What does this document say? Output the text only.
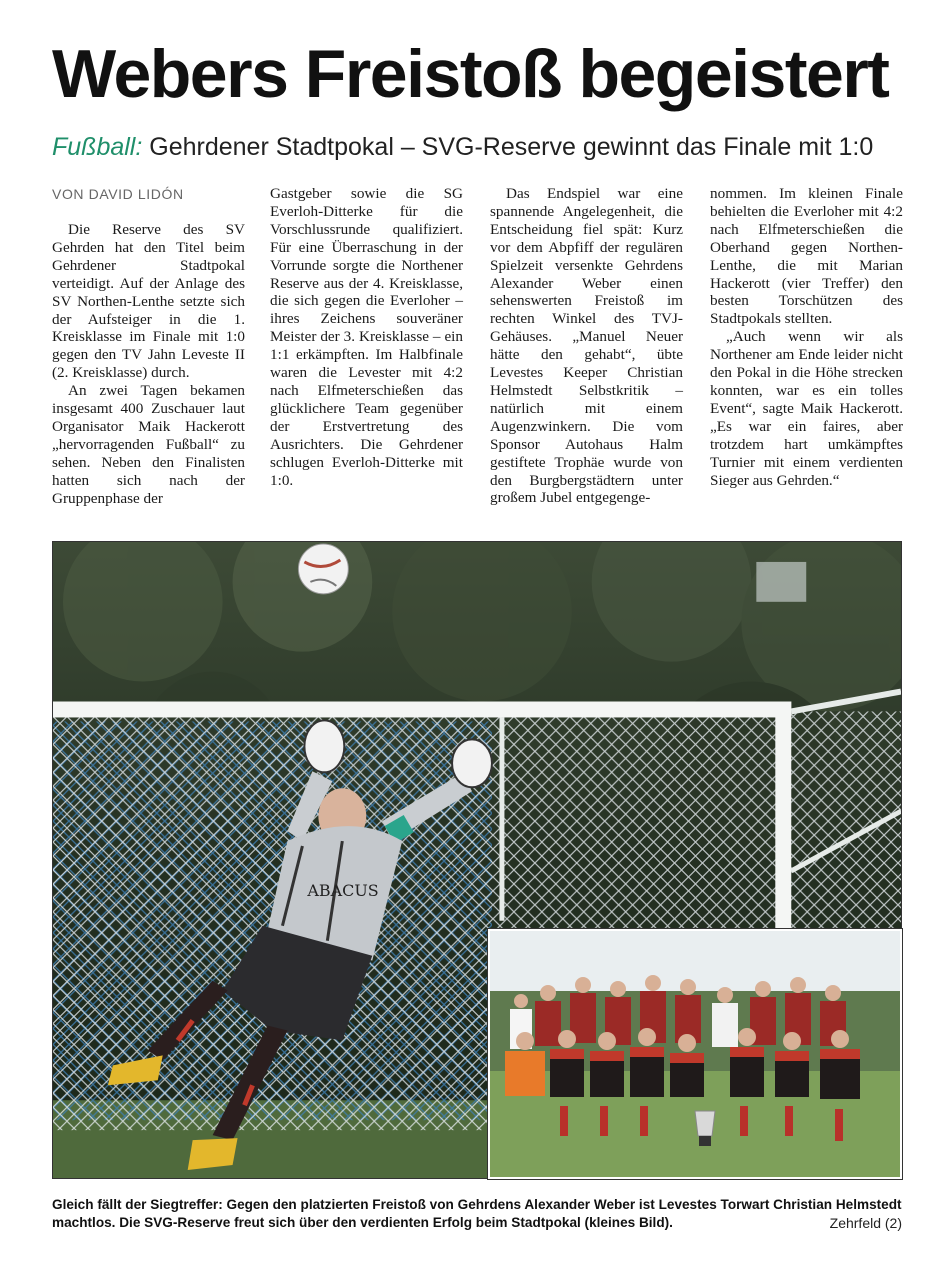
Webers Freistoß begeistert
Fußball: Gehrdener Stadtpokal – SVG-Reserve gewinnt das Finale mit 1:0
VON DAVID LIDÓN

Die Reserve des SV Gehrden hat den Titel beim Gehrdener Stadtpokal verteidigt. Auf der Anlage des SV Northen-Lenthe setzte sich der Aufsteiger in die 1. Kreisklasse im Finale mit 1:0 gegen den TV Jahn Leveste II (2. Kreisklasse) durch.

An zwei Tagen bekamen insgesamt 400 Zuschauer laut Organisator Maik Hackerott „hervorragenden Fußball“ zu sehen. Neben den Finalisten hatten sich nach der Gruppenphase der

Gastgeber sowie die SG Everloh-Ditterke für die Vorschlussrunde qualifiziert. Für eine Überraschung in der Vorrunde sorgte die Northener Reserve aus der 4. Kreisklasse, die sich gegen die Everloher – ihres Zeichens souveräner Meister der 3. Kreisklasse – ein 1:1 erkämpften. Im Halbfinale waren die Levester mit 4:2 nach Elfmeterschießen das glücklichere Team gegenüber der Erstvertretung des Ausrichters. Die Gehrdener schlugen Everloh-Ditterke mit 1:0.

Das Endspiel war eine spannende Angelegenheit, die Entscheidung fiel spät: Kurz vor dem Abpfiff der regulären Spielzeit versenkte Gehrdens Alexander Weber einen sehenswerten Freistoß im rechten Winkel des TVJ-Gehäuses. „Manuel Neuer hätte den gehabt“, übte Levestes Keeper Christian Helmstedt Selbstkritik – natürlich mit einem Augenzwinkern. Die vom Sponsor Autohaus Halm gestiftete Trophäe wurde von den Burgbergstädtern unter großem Jubel entgegenge-

nommen. Im kleinen Finale behielten die Everloher mit 4:2 nach Elfmeterschießen die Oberhand gegen Northen-Lenthe, die mit Marian Hackerott (vier Treffer) den besten Torschützen des Stadtpokals stellten.

„Auch wenn wir als Northener am Ende leider nicht den Pokal in die Höhe strecken konnten, war es ein tolles Event“, sagte Maik Hackerott. „Es war ein faires, aber trotzdem hart umkämpftes Turnier mit einem verdienten Sieger aus Gehrden.“

ABACUS
Gleich fällt der Siegtreffer: Gegen den platzierten Freistoß von Gehrdens Alexander Weber ist Levestes Torwart Christian Helmstedt machtlos. Die SVG-Reserve freut sich über den verdienten Erfolg beim Stadtpokal (kleines Bild).	Zehrfeld (2)
